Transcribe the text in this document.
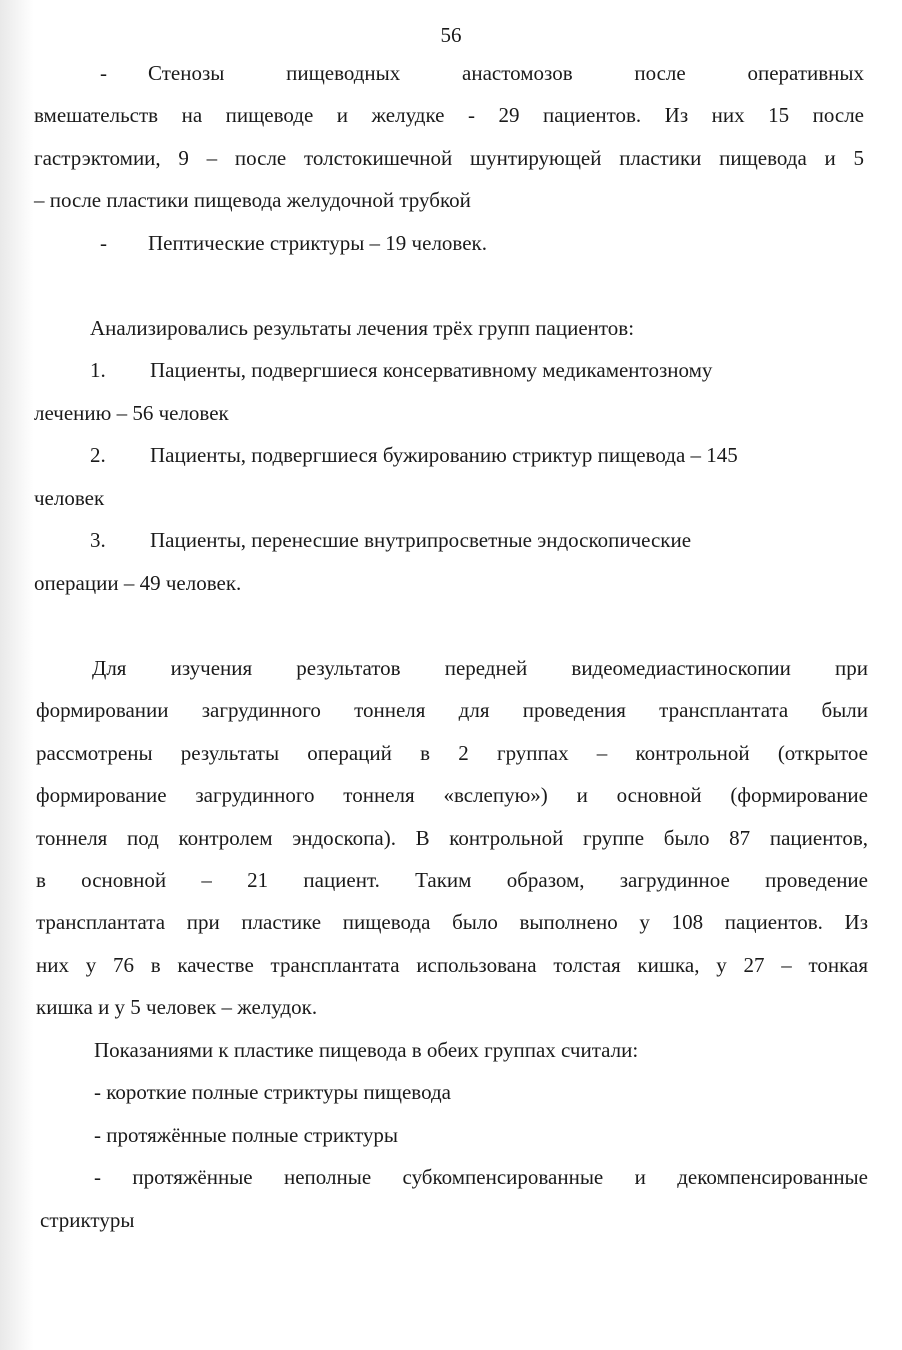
56
- Стенозы пищеводных анастомозов после оперативных
вмешательств на пищеводе и желудке - 29 пациентов. Из них 15 после
гастрэктомии, 9 – после толстокишечной шунтирующей пластики пищевода и 5
– после пластики пищевода желудочной трубкой
- Пептические стриктуры – 19 человек.
Анализировались результаты лечения трёх групп пациентов:
1. Пациенты, подвергшиеся консервативному медикаментозному
лечению – 56 человек
2. Пациенты, подвергшиеся бужированию стриктур пищевода – 145
человек
3. Пациенты, перенесшие внутрипросветные эндоскопические
операции – 49 человек.
Для изучения результатов передней видеомедиастиноскопии при
формировании загрудинного тоннеля для проведения трансплантата были
рассмотрены результаты операций в 2 группах – контрольной (открытое
формирование загрудинного тоннеля «вслепую») и основной (формирование
тоннеля под контролем эндоскопа). В контрольной группе было 87 пациентов,
в основной – 21 пациент. Таким образом, загрудинное проведение
трансплантата при пластике пищевода было выполнено у 108 пациентов. Из
них у 76 в качестве трансплантата использована толстая кишка, у 27 – тонкая
кишка и у 5 человек – желудок.
Показаниями к пластике пищевода в обеих группах считали:
- короткие полные стриктуры пищевода
- протяжённые полные стриктуры
- протяжённые неполные субкомпенсированные и декомпенсированные
стриктуры
